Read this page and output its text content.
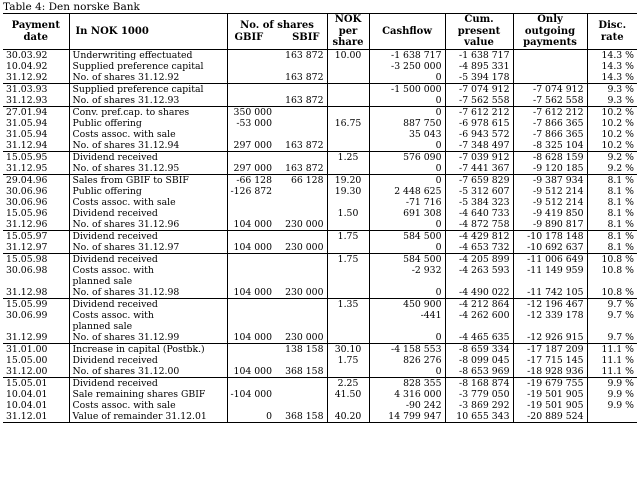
Table 4: Den norske Bank
Payment
date	In NOK 1000	No. of shares
GBIF SBIF		NOK
per
share	Cashflow	Cum.
present
value	Only
outgoing
payments	Disc.
rate

30.03.92	Underwriting effectuated		163 872	10.00	-1 638 717	-1 638 717		14.3 %
10.04.92	Supplied preference capital				-3 250 000	-4 895 331		14.3 %
31.12.92	No. of shares 31.12.92		163 872		0	-5 394 178		14.3 %
31.03.93	Supplied preference capital				-1 500 000	-7 074 912	-7 074 912	9.3 %
31.12.93	No. of shares 31.12.93		163 872		0	-7 562 558	-7 562 558	9.3 %
27.01.94	Conv. pref.cap. to shares	350 000			0	-7 612 212	-7 612 212	10.2 %
31.05.94	Public offering	-53 000		16.75	887 750	-6 978 615	-7 866 365	10.2 %
31.05.94	Costs assoc. with sale				35 043	-6 943 572	-7 866 365	10.2 %
31.12.94	No. of shares 31.12.94	297 000	163 872		0	-7 348 497	-8 325 104	10.2 %
15.05.95	Dividend received			1.25	576 090	-7 039 912	-8 628 159	9.2 %
31.12.95	No. of shares 31.12.95	297 000	163 872		0	-7 441 367	-9 120 185	9.2 %
29.04.96	Sales from GBIF to SBIF	-66 128	66 128	19.20	0	-7 659 829	-9 387 934	8.1 %
30.06.96	Public offering	-126 872		19.30	2 448 625	-5 312 607	-9 512 214	8.1 %
30.06.96	Costs assoc. with sale				-71 716	-5 384 323	-9 512 214	8.1 %
15.05.96	Dividend received			1.50	691 308	-4 640 733	-9 419 850	8.1 %
31.12.96	No. of shares 31.12.96	104 000	230 000		0	-4 872 758	-9 890 817	8.1 %
15.05.97	Dividend received			1.75	584 500	-4 429 812	-10 178 148	8.1 %
31.12.97	No. of shares 31.12.97	104 000	230 000		0	-4 653 732	-10 692 637	8.1 %
15.05.98	Dividend received			1.75	584 500	-4 205 899	-11 006 649	10.8 %
30.06.98	Costs assoc. with				-2 932	-4 263 593	-11 149 959	10.8 %
	planned sale							
31.12.98	No. of shares 31.12.98	104 000	230 000		0	-4 490 022	-11 742 105	10.8 %
15.05.99	Dividend received			1.35	450 900	-4 212 864	-12 196 467	9.7 %
30.06.99	Costs assoc. with				-441	-4 262 600	-12 339 178	9.7 %
	planned sale							
31.12.99	No. of shares 31.12.99	104 000	230 000		0	-4 465 635	-12 926 915	9.7 %
31.01.00	Increase in capital (Postbk.)		138 158	30.10	-4 158 553	-8 659 334	-17 187 209	11.1 %
15.05.00	Dividend received			1.75	826 276	-8 099 045	-17 715 145	11.1 %
31.12.00	No. of shares 31.12.00	104 000	368 158		0	-8 653 969	-18 928 936	11.1 %
15.05.01	Dividend received			2.25	828 355	-8 168 874	-19 679 755	9.9 %
10.04.01	Sale remaining shares GBIF	-104 000		41.50	4 316 000	-3 779 050	-19 501 905	9.9 %
10.04.01	Costs assoc. with sale				-90 242	-3 869 292	-19 501 905	9.9 %
31.12.01	Value of remainder 31.12.01	0	368 158	40.20	14 799 947	10 655 343	-20 889 524	
